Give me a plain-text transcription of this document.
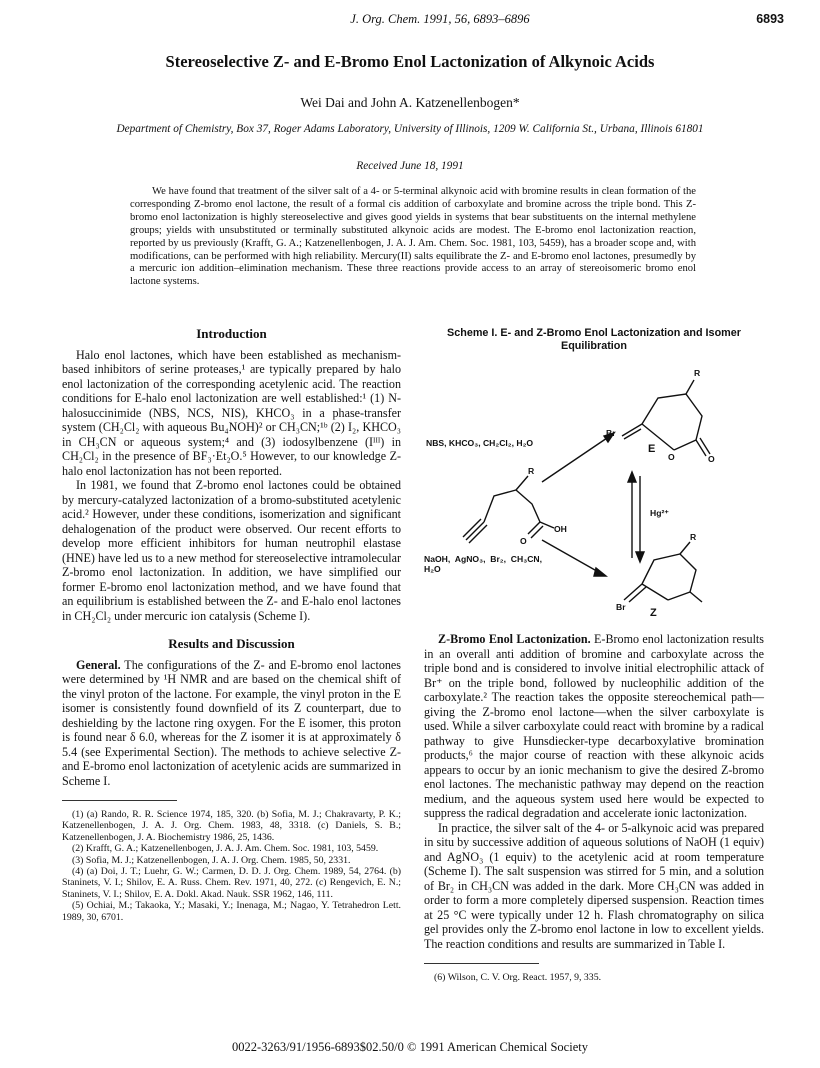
J. Org. Chem. 1991, 56, 6893–6896	6893
Stereoselective Z- and E-Bromo Enol Lactonization of Alkynoic Acids
Wei Dai and John A. Katzenellenbogen*
Department of Chemistry, Box 37, Roger Adams Laboratory, University of Illinois, 1209 W. California St., Urbana, Illinois 61801
Received June 18, 1991
We have found that treatment of the silver salt of a 4- or 5-terminal alkynoic acid with bromine results in clean formation of the corresponding Z-bromo enol lactone, the result of a formal cis addition of carboxylate and bromine across the triple bond. This Z-bromo enol lactonization is highly stereoselective and gives good yields in systems that bear substituents on the internal methylene groups; yields with unsubstituted or terminally substituted alkynoic acids are modest. The E-bromo enol lactonization reaction, reported by us previously (Krafft, G. A.; Katzenellenbogen, J. A. J. Am. Chem. Soc. 1981, 103, 5459), has a broader scope and, with modifications, can be performed with high reliability. Mercury(II) salts equilibrate the Z- and E-bromo enol lactones, presumedly by a mercuric ion addition–elimination mechanism. These three reactions provide access to an array of stereoisomeric bromo enol lactone systems.
Introduction

Halo enol lactones, which have been established as mechanism-based inhibitors of serine proteases,¹ are typically prepared by halo enol lactonization of the corresponding acetylenic acid. The reaction conditions for E-halo enol lactonization are well established:¹ (1) N-halosuccinimide (NBS, NCS, NIS), KHCO₃ in a phase-transfer system (CH₂Cl₂ with aqueous Bu₄NOH)² or CH₃CN;¹ᵇ (2) I₂, KHCO₃ in CH₃CN or aqueous system;⁴ and (3) iodosylbenzene (Iᴵᴵᴵ) in CH₂Cl₂ in the presence of BF₃·Et₂O.⁵ However, to our knowledge Z-halo enol lactonization has not been reported.

In 1981, we found that Z-bromo enol lactones could be obtained by mercury-catalyzed lactonization of a bromo-substituted acetylenic acid.² However, under these conditions, isomerization and significant dehalogenation of the product were observed. Our recent efforts to develop more efficient inhibitors for human neutrophil elastase (HNE) have led us to a new method for stereoselective intramolecular Z-bromo enol lactonization. In addition, we have simplified our former E-bromo enol lactonization method, and we have found that an equilibrium is established between the Z- and E-halo enol lactones in CH₂Cl₂ under mercuric ion catalysis (Scheme I).

Results and Discussion

General. The configurations of the Z- and E-bromo enol lactones were determined by ¹H NMR and are based on the chemical shift of the vinyl proton of the lactone. For example, the vinyl proton in the E isomer is consistently found downfield of its Z counterpart, due to deshielding by the lactone ring oxygen. For the E isomer, this proton is found near δ 6.0, whereas for the Z isomer it is at approximately δ 5.4 (see Experimental Section). The methods to achieve selective Z- and E-bromo enol lactonization of acetylenic acids are summarized in Scheme I.

(1) (a) Rando, R. R. Science 1974, 185, 320. (b) Sofia, M. J.; Chakravarty, P. K.; Katzenellenbogen, J. A. J. Org. Chem. 1983, 48, 3318. (c) Daniels, S. B.; Katzenellenbogen, J. A. Biochemistry 1986, 25, 1436.

(2) Krafft, G. A.; Katzenellenbogen, J. A. J. Am. Chem. Soc. 1981, 103, 5459.

(3) Sofia, M. J.; Katzenellenbogen, J. A. J. Org. Chem. 1985, 50, 2331.

(4) (a) Doi, J. T.; Luehr, G. W.; Carmen, D. D. J. Org. Chem. 1989, 54, 2764. (b) Staninets, V. I.; Shilov, E. A. Russ. Chem. Rev. 1971, 40, 272. (c) Rengevich, E. N.; Staninets, V. I.; Shilov, E. A. Dokl. Akad. Nauk. SSR 1962, 146, 111.

(5) Ochiai, M.; Takaoka, Y.; Masaki, Y.; Inenaga, M.; Nagao, Y. Tetrahedron Lett. 1989, 30, 6701.

Scheme I. E- and Z-Bromo Enol Lactonization and Isomer Equilibration
NBS, KHCO₃, CH₂Cl₂, H₂O	E
Hg²⁺
NaOH, AgNO₃, Br₂, CH₃CN, H₂O
Z
R
R
R
Br
Br
O	O
O
OH

Z-Bromo Enol Lactonization. E-Bromo enol lactonization results in an overall anti addition of bromine and carboxylate across the triple bond and is considered to involve initial electrophilic attack of Br⁺ on the triple bond, followed by nucleophilic addition of the carboxylate.² The reaction takes the opposite stereochemical path—giving the Z-bromo enol lactone—when the silver carboxylate is used. While a silver carboxylate could react with bromine by a radical pathway to give Hunsdiecker-type decarboxylative bromination products,⁶ the major course of reaction with these alkynoic acids appears to occur by an ionic mechanism to give the desired Z-bromo enol lactones. The mechanistic pathway may depend on the reaction medium, and the aqueous system used here would be expected to suppress the radical degradation and accelerate ionic lactonization.

In practice, the silver salt of the 4- or 5-alkynoic acid was prepared in situ by successive addition of aqueous solutions of NaOH (1 equiv) and AgNO₃ (1 equiv) to the acetylenic acid at room temperature (Scheme I). The salt suspension was stirred for 5 min, and a solution of Br₂ in CH₃CN was added in the dark. More CH₃CN was added in order to form a more completely dipersed suspension. Reaction times at 25 °C were typically under 12 h. Flash chromatography on silica gel provides only the Z-bromo enol lactone in low to excellent yields. The reaction conditions and results are summarized in Table I.

(6) Wilson, C. V. Org. React. 1957, 9, 335.

0022-3263/91/1956-6893$02.50/0 © 1991 American Chemical Society
